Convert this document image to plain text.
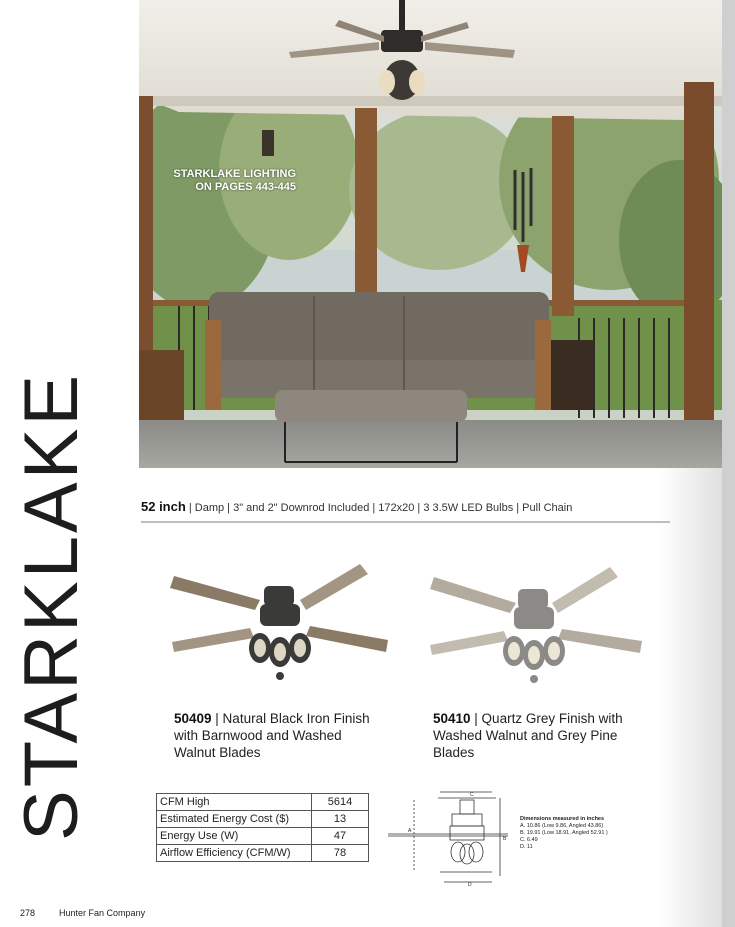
STARKLAKE
STARKLAKE LIGHTING
ON PAGES 443-445
52 inch | Damp | 3" and 2" Downrod Included | 172x20 | 3 3.5W LED Bulbs | Pull Chain
50409 | Natural Black Iron Finish with Barnwood and Washed Walnut Blades
50410 | Quartz Grey Finish with Washed Walnut and Grey Pine Blades
CFM High	5614
Estimated Energy Cost ($)	13
Energy Use (W)	47
Airflow Efficiency (CFM/W)	78
A
B
C
D
Dimensions measured in inches
A. 10.86 (Low 9.86, Angled 43.86)
B. 19.91 (Low 18.91, Angled 52.91 )
C. 6.49
D. 11
278	Hunter Fan Company
